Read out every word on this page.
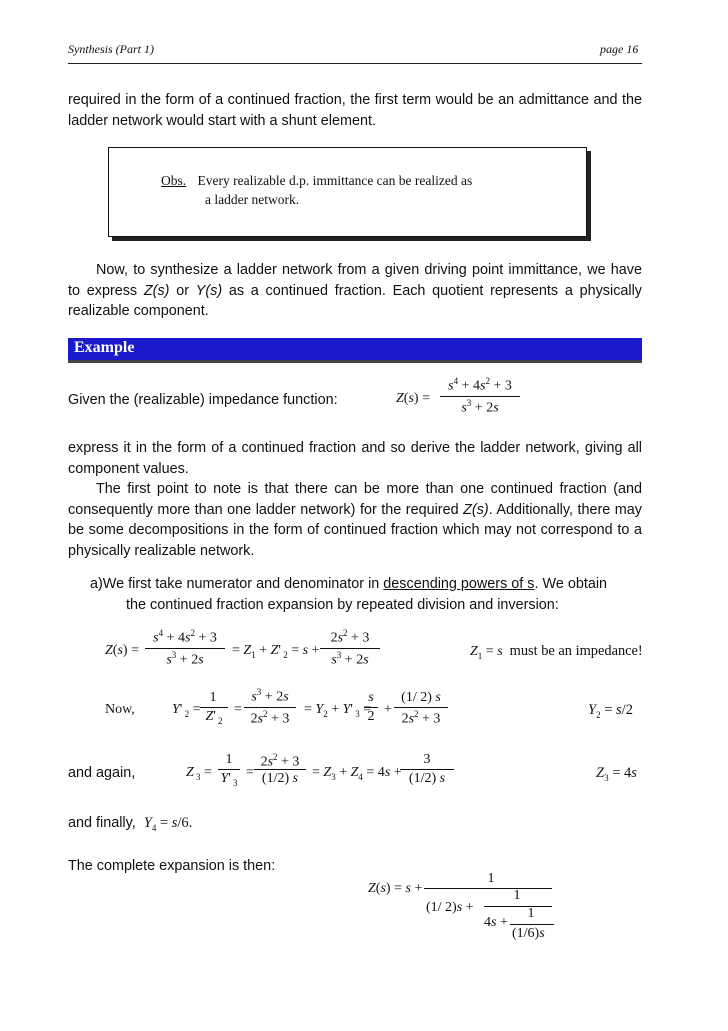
Synthesis (Part 1)	page 16
required in the form of a continued fraction, the first term would be an admittance and the ladder network would start with a shunt element.
Obs. Every realizable d.p. immittance can be realized as
a ladder network.
Now, to synthesize a ladder network from a given driving point immittance, we have to express Z(s) or Y(s) as a continued fraction. Each quotient represents a physically realizable component.
Example
Given the (realizable) impedance function:	Z(s) =
$s^4 + 4s^2 + 3$
$s^3 + 2s$
express it in the form of a continued fraction and so derive the ladder network, giving all component values.
The first point to note is that there can be more than one continued fraction (and consequently more than one ladder network) for the required Z(s). Additionally, there may be some decompositions in the form of continued fraction which may not correspond to a physically realizable network.
a)We first take numerator and denominator in descending powers of s. We obtain
the continued fraction expansion by repeated division and inversion:
Z(s) =
$s^4 + 4s^2 + 3$
$s^3 + 2s$
= $Z_1 + Z'$ $_2$ = s +
$2s^2 + 3$
$s^3 + 2s$
$Z_1 = s$ must be an impedance!
Now,	Y' $_2$ =
1
Z' $_2$
=
$s^3 + 2s$
$2s^2 + 3$
= $Y_2 + Y'$ $_3$ =
s
2 +
(1/ 2) s
$2s^2 + 3$
$Y_2 = s/2$
and again,	Z $_3$ =
1
Y' $_3$
=
$2s^2 + 3$
(1/2) $s = Z_3 + Z_4 = 4s$ +
3
(1/2) s	$Z_3 = 4s$
and finally, $Y_4 = s/6$.
The complete expansion is then:
Z(s) = s +
1
(1/ 2)s +
1
4s +
1
(1/6)s
